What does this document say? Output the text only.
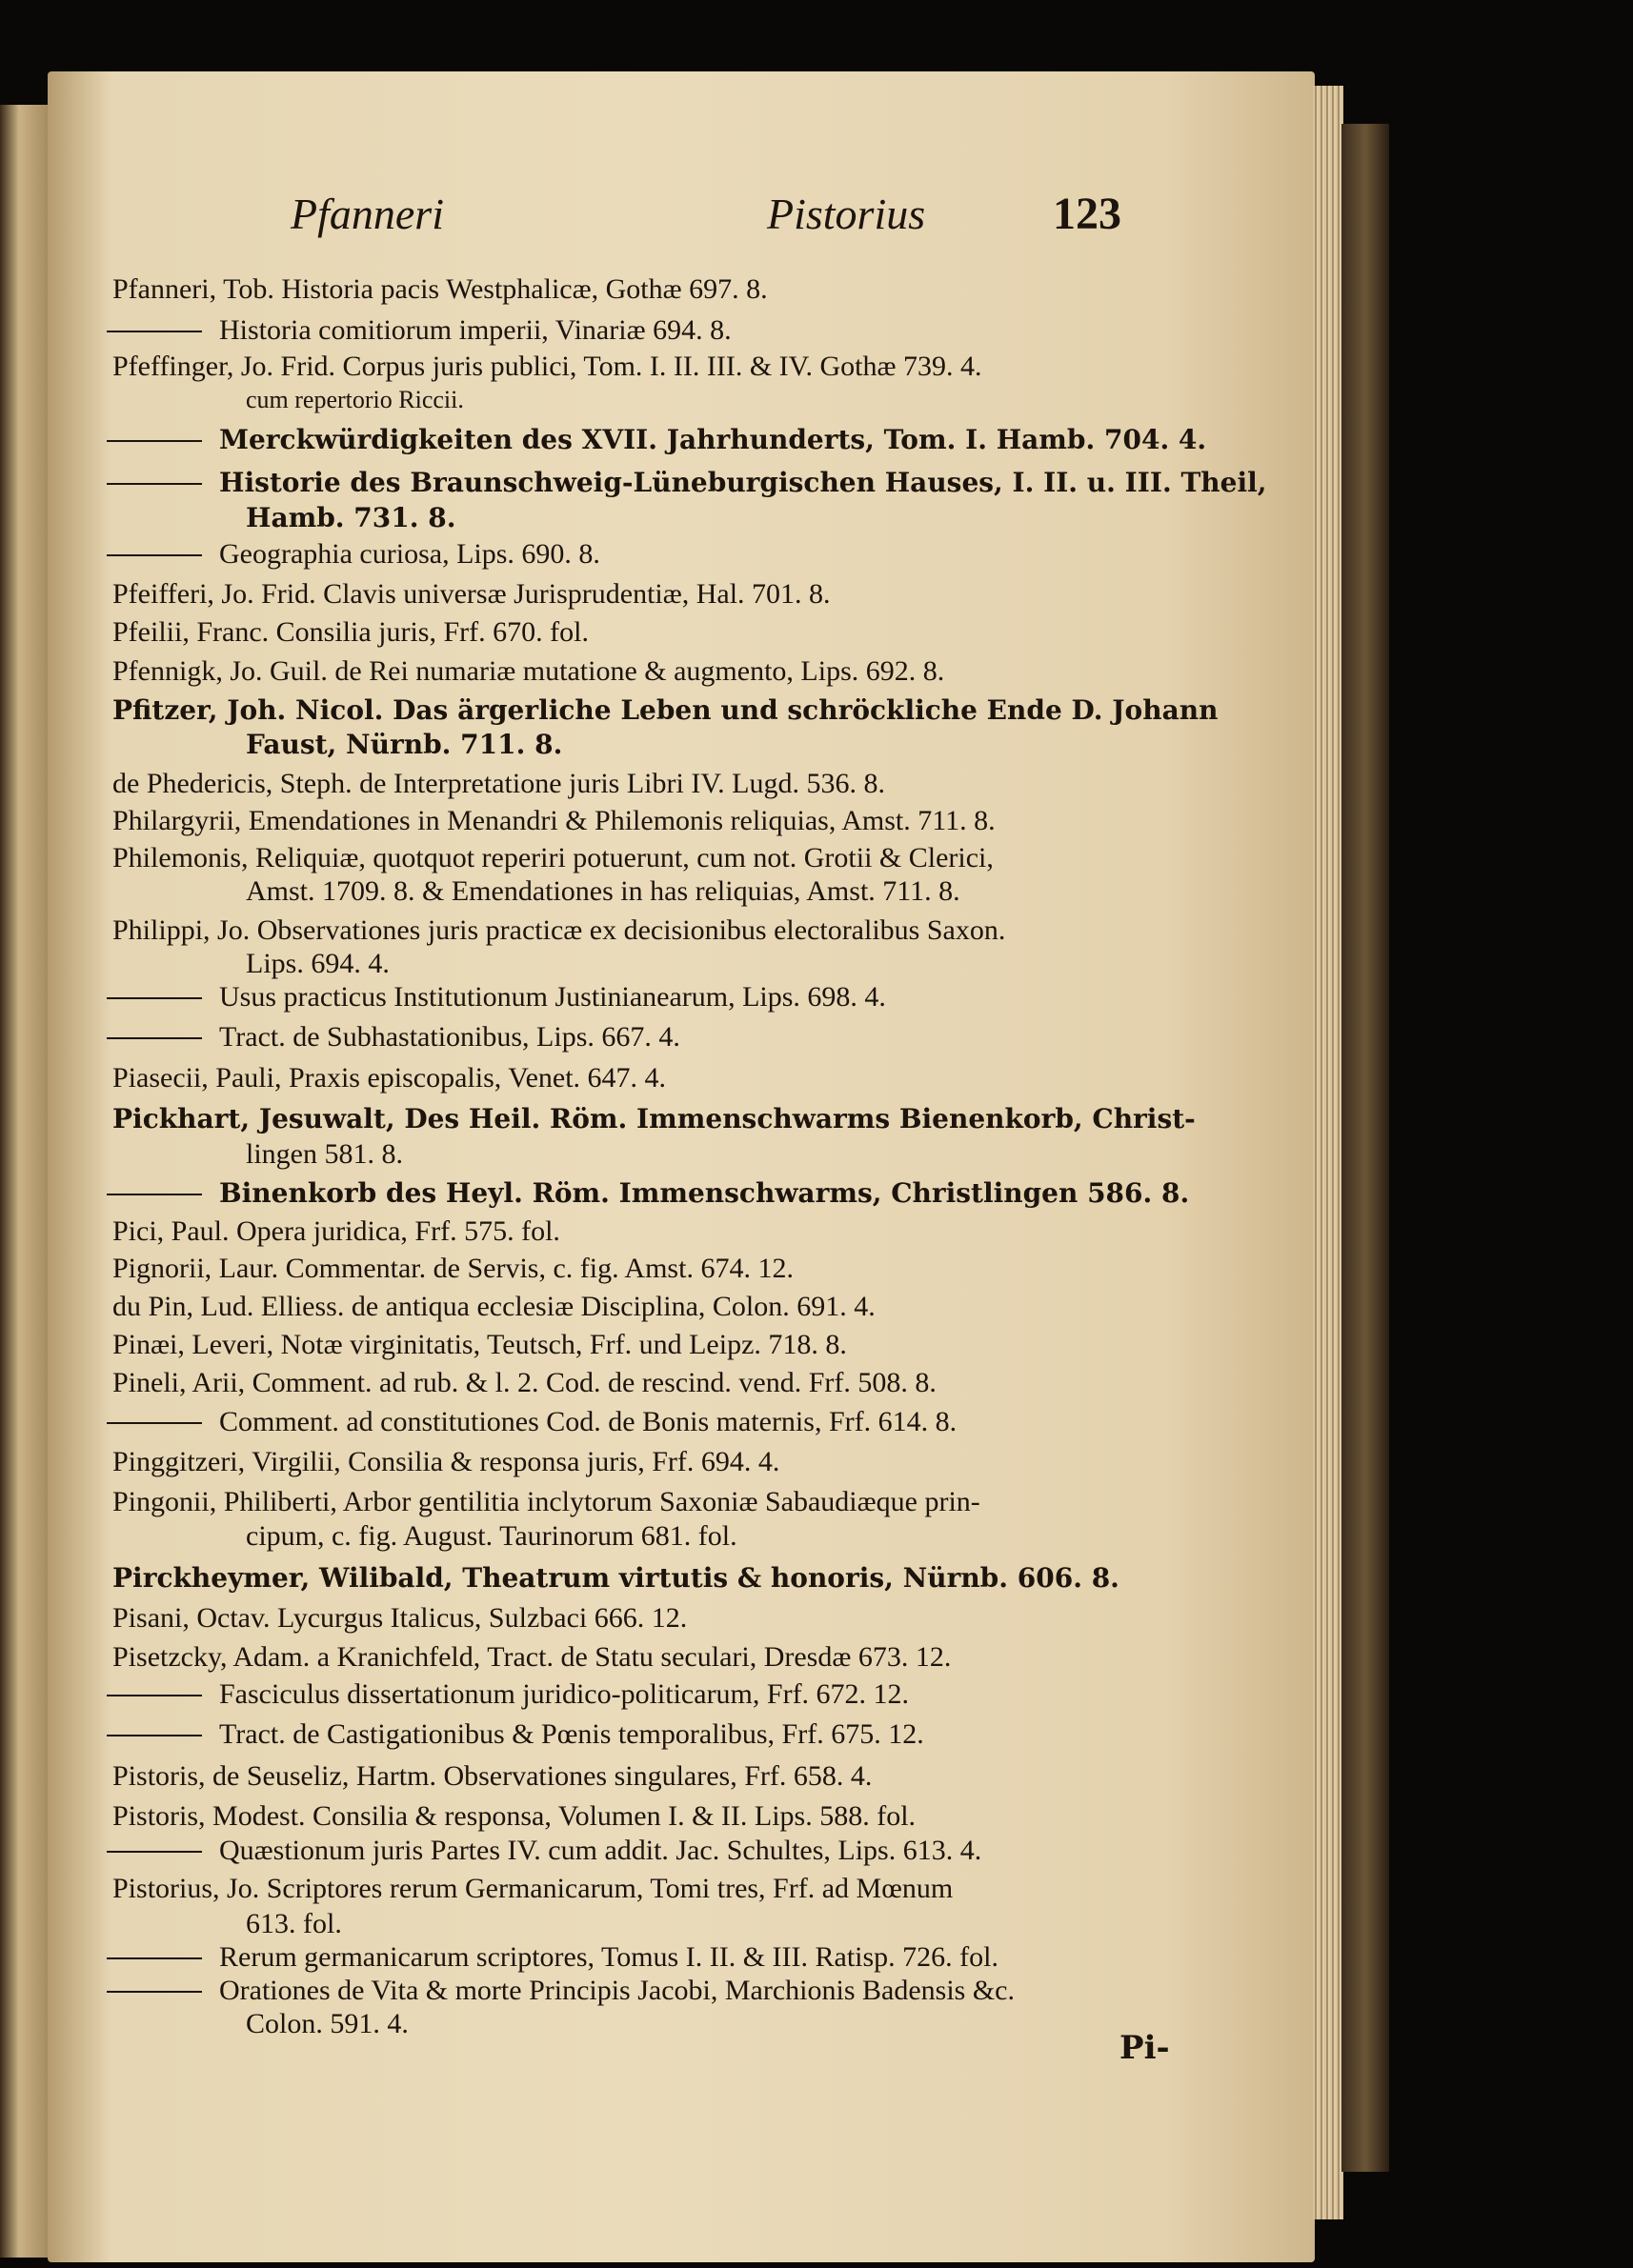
Pfanneri	Pistorius	123
Pfanneri, Tob. Historia pacis Westphalicæ, Gothæ 697. 8.
Historia comitiorum imperii, Vinariæ 694. 8.
Pfeffinger, Jo. Frid. Corpus juris publici, Tom. I. II. III. & IV. Gothæ 739. 4.
cum repertorio Riccii.
Merckwürdigkeiten des XVII. Jahrhunderts, Tom. I. Hamb. 704. 4.
Historie des Braunschweig-Lüneburgischen Hauses, I. II. u. III. Theil,
Hamb. 731. 8.
Geographia curiosa, Lips. 690. 8.
Pfeifferi, Jo. Frid. Clavis universæ Jurisprudentiæ, Hal. 701. 8.
Pfeilii, Franc. Consilia juris, Frf. 670. fol.
Pfennigk, Jo. Guil. de Rei numariæ mutatione & augmento, Lips. 692. 8.
Pfitzer, Joh. Nicol. Das ärgerliche Leben und schröckliche Ende D. Johann
Faust, Nürnb. 711. 8.
de Phedericis, Steph. de Interpretatione juris Libri IV. Lugd. 536. 8.
Philargyrii, Emendationes in Menandri & Philemonis reliquias, Amst. 711. 8.
Philemonis, Reliquiæ, quotquot reperiri potuerunt, cum not. Grotii & Clerici,
Amst. 1709. 8. & Emendationes in has reliquias, Amst. 711. 8.
Philippi, Jo. Observationes juris practicæ ex decisionibus electoralibus Saxon.
Lips. 694. 4.
Usus practicus Institutionum Justinianearum, Lips. 698. 4.
Tract. de Subhastationibus, Lips. 667. 4.
Piasecii, Pauli, Praxis episcopalis, Venet. 647. 4.
Pickhart, Jesuwalt, Des Heil. Röm. Immenschwarms Bienenkorb, Christ-
lingen 581. 8.
Binenkorb des Heyl. Röm. Immenschwarms, Christlingen 586. 8.
Pici, Paul. Opera juridica, Frf. 575. fol.
Pignorii, Laur. Commentar. de Servis, c. fig. Amst. 674. 12.
du Pin, Lud. Elliess. de antiqua ecclesiæ Disciplina, Colon. 691. 4.
Pinæi, Leveri, Notæ virginitatis, Teutsch, Frf. und Leipz. 718. 8.
Pineli, Arii, Comment. ad rub. & l. 2. Cod. de rescind. vend. Frf. 508. 8.
Comment. ad constitutiones Cod. de Bonis maternis, Frf. 614. 8.
Pinggitzeri, Virgilii, Consilia & responsa juris, Frf. 694. 4.
Pingonii, Philiberti, Arbor gentilitia inclytorum Saxoniæ Sabaudiæque prin-
cipum, c. fig. August. Taurinorum 681. fol.
Pirckheymer, Wilibald, Theatrum virtutis & honoris, Nürnb. 606. 8.
Pisani, Octav. Lycurgus Italicus, Sulzbaci 666. 12.
Pisetzcky, Adam. a Kranichfeld, Tract. de Statu seculari, Dresdæ 673. 12.
Fasciculus dissertationum juridico-politicarum, Frf. 672. 12.
Tract. de Castigationibus & Pœnis temporalibus, Frf. 675. 12.
Pistoris, de Seuseliz, Hartm. Observationes singulares, Frf. 658. 4.
Pistoris, Modest. Consilia & responsa, Volumen I. & II. Lips. 588. fol.
Quæstionum juris Partes IV. cum addit. Jac. Schultes, Lips. 613. 4.
Pistorius, Jo. Scriptores rerum Germanicarum, Tomi tres, Frf. ad Mœnum
613. fol.
Rerum germanicarum scriptores, Tomus I. II. & III. Ratisp. 726. fol.
Orationes de Vita & morte Principis Jacobi, Marchionis Badensis &c.
Colon. 591. 4.
Pi-
